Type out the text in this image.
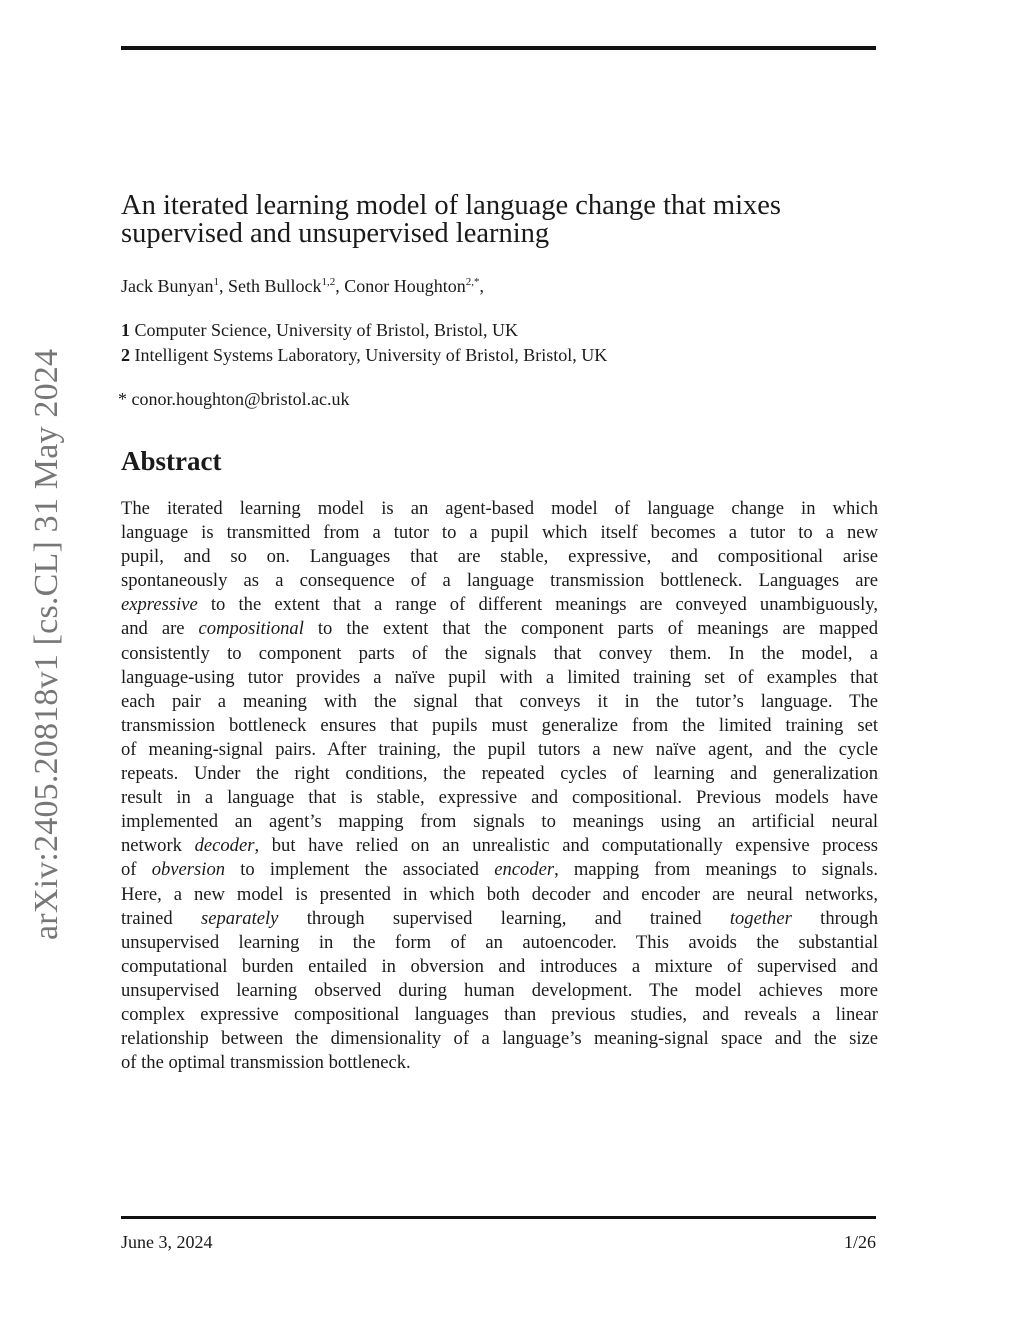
arXiv:2405.20818v1 [cs.CL] 31 May 2024
An iterated learning model of language change that mixes
supervised and unsupervised learning
Jack Bunyan$^1$, Seth Bullock$^{1,2}$, Conor Houghton$^{2,*}$,
1 Computer Science, University of Bristol, Bristol, UK
2 Intelligent Systems Laboratory, University of Bristol, Bristol, UK
* conor.houghton@bristol.ac.uk
Abstract
The iterated learning model is an agent-based model of language change in which
language is transmitted from a tutor to a pupil which itself becomes a tutor to a new
pupil, and so on. Languages that are stable, expressive, and compositional arise
spontaneously as a consequence of a language transmission bottleneck. Languages are
expressive to the extent that a range of different meanings are conveyed unambiguously,
and are compositional to the extent that the component parts of meanings are mapped
consistently to component parts of the signals that convey them. In the model, a
language-using tutor provides a naïve pupil with a limited training set of examples that
each pair a meaning with the signal that conveys it in the tutor’s language. The
transmission bottleneck ensures that pupils must generalize from the limited training set
of meaning-signal pairs. After training, the pupil tutors a new naïve agent, and the cycle
repeats. Under the right conditions, the repeated cycles of learning and generalization
result in a language that is stable, expressive and compositional. Previous models have
implemented an agent’s mapping from signals to meanings using an artificial neural
network decoder, but have relied on an unrealistic and computationally expensive process
of obversion to implement the associated encoder, mapping from meanings to signals.
Here, a new model is presented in which both decoder and encoder are neural networks,
trained separately through supervised learning, and trained together through
unsupervised learning in the form of an autoencoder. This avoids the substantial
computational burden entailed in obversion and introduces a mixture of supervised and
unsupervised learning observed during human development. The model achieves more
complex expressive compositional languages than previous studies, and reveals a linear
relationship between the dimensionality of a language’s meaning-signal space and the size
of the optimal transmission bottleneck.
June 3, 2024	1/26
